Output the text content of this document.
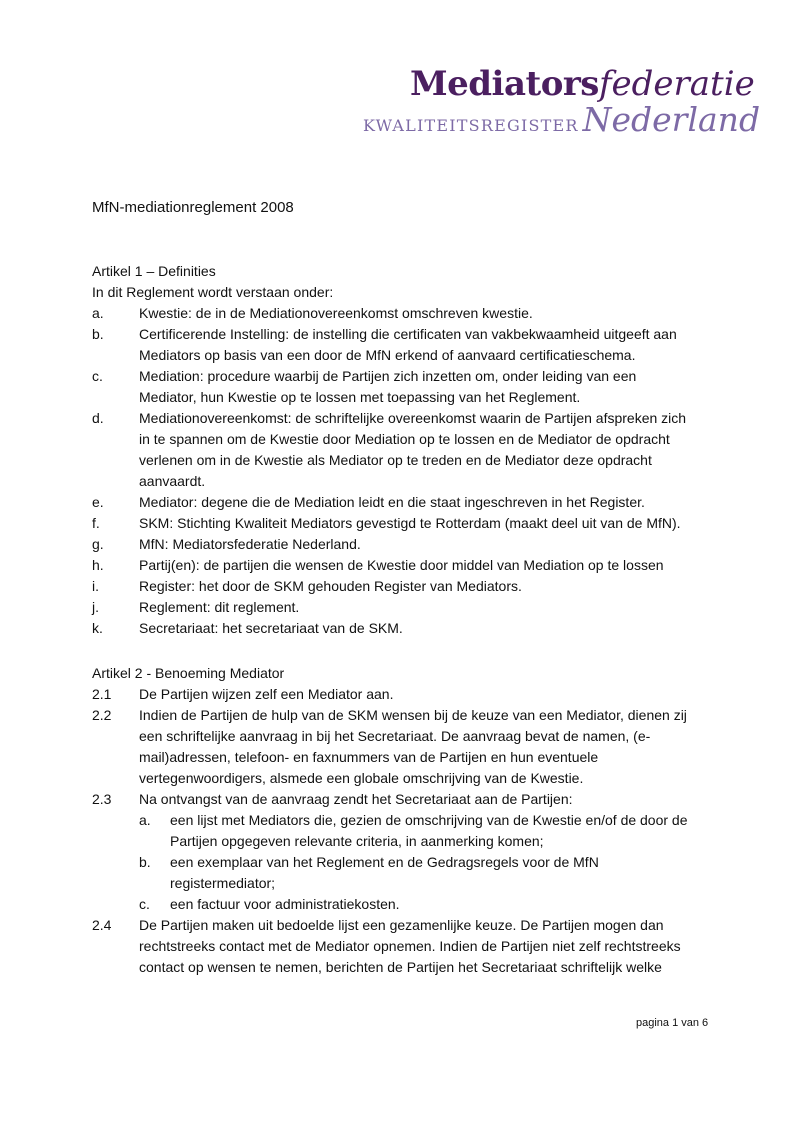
Mediatorsfederatie
KWALITEITSREGISTER Nederland
MfN-mediationreglement 2008
Artikel 1 – Definities
In dit Reglement wordt verstaan onder:
a.	Kwestie: de in de Mediationovereenkomst omschreven kwestie.
b.	Certificerende Instelling: de instelling die certificaten van vakbekwaamheid uitgeeft aan
Mediators op basis van een door de MfN erkend of aanvaard certificatieschema.
c.	Mediation: procedure waarbij de Partijen zich inzetten om, onder leiding van een
Mediator, hun Kwestie op te lossen met toepassing van het Reglement.
d.	Mediationovereenkomst: de schriftelijke overeenkomst waarin de Partijen afspreken zich
in te spannen om de Kwestie door Mediation op te lossen en de Mediator de opdracht
verlenen om in de Kwestie als Mediator op te treden en de Mediator deze opdracht
aanvaardt.
e.	Mediator: degene die de Mediation leidt en die staat ingeschreven in het Register.
f.	SKM: Stichting Kwaliteit Mediators gevestigd te Rotterdam (maakt deel uit van de MfN).
g.	MfN: Mediatorsfederatie Nederland.
h.	Partij(en): de partijen die wensen de Kwestie door middel van Mediation op te lossen
i.	Register: het door de SKM gehouden Register van Mediators.
j.	Reglement: dit reglement.
k.	Secretariaat: het secretariaat van de SKM.
Artikel 2 - Benoeming Mediator
2.1 De Partijen wijzen zelf een Mediator aan.
2.2 Indien de Partijen de hulp van de SKM wensen bij de keuze van een Mediator, dienen zij
een schriftelijke aanvraag in bij het Secretariaat. De aanvraag bevat de namen, (e-
mail)adressen, telefoon- en faxnummers van de Partijen en hun eventuele
vertegenwoordigers, alsmede een globale omschrijving van de Kwestie.
2.3 Na ontvangst van de aanvraag zendt het Secretariaat aan de Partijen:
a. een lijst met Mediators die, gezien de omschrijving van de Kwestie en/of de door de
Partijen opgegeven relevante criteria, in aanmerking komen;
b. een exemplaar van het Reglement en de Gedragsregels voor de MfN
registermediator;
c. een factuur voor administratiekosten.
2.4 De Partijen maken uit bedoelde lijst een gezamenlijke keuze. De Partijen mogen dan
rechtstreeks contact met de Mediator opnemen. Indien de Partijen niet zelf rechtstreeks
contact op wensen te nemen, berichten de Partijen het Secretariaat schriftelijk welke
pagina 1 van 6
